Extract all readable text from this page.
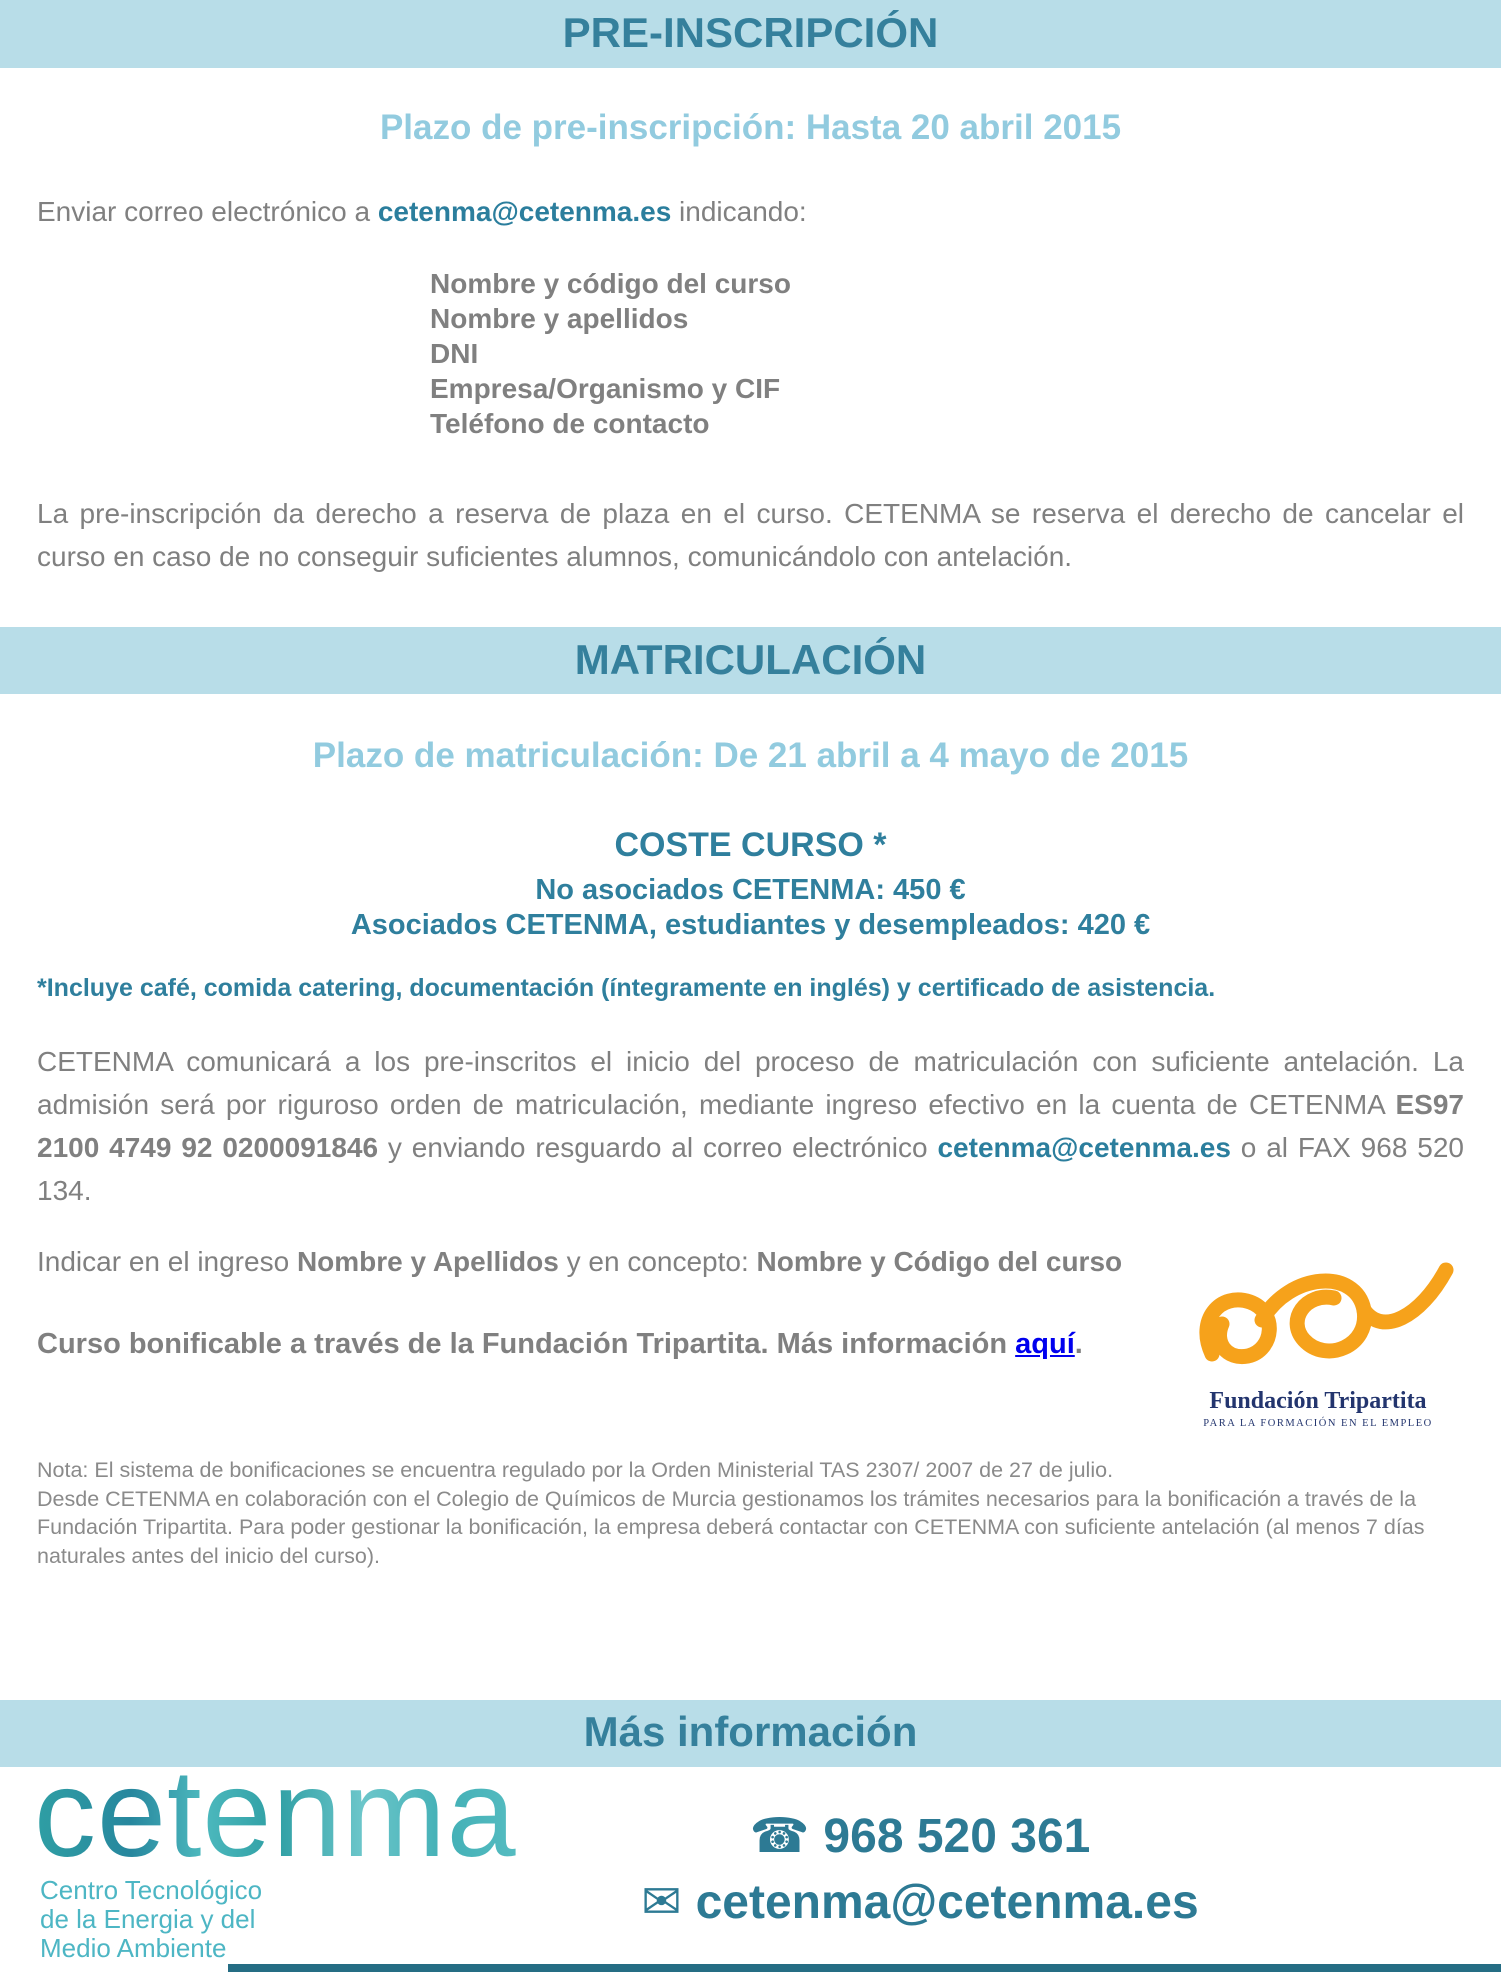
PRE-INSCRIPCIÓN
Plazo de pre-inscripción: Hasta 20 abril 2015

Enviar correo electrónico a cetenma@cetenma.es indicando:

Nombre y código del curso
Nombre y apellidos
DNI
Empresa/Organismo y CIF
Teléfono de contacto

La pre-inscripción da derecho a reserva de plaza en el curso. CETENMA se reserva el derecho de cancelar el curso en caso de no conseguir suficientes alumnos, comunicándolo con antelación.

MATRICULACIÓN
Plazo de matriculación: De 21 abril a 4 mayo de 2015
COSTE CURSO *
No asociados CETENMA: 450 €
Asociados CETENMA, estudiantes y desempleados: 420 €
*Incluye café, comida catering, documentación (íntegramente en inglés) y certificado de asistencia.

CETENMA comunicará a los pre-inscritos el inicio del proceso de matriculación con suficiente antelación. La admisión será por riguroso orden de matriculación, mediante ingreso efectivo en la cuenta de CETENMA ES97 2100 4749 92 0200091846 y enviando resguardo al correo electrónico cetenma@cetenma.es o al FAX 968 520 134.

Indicar en el ingreso Nombre y Apellidos y en concepto: Nombre y Código del curso

Curso bonificable a través de la Fundación Tripartita. Más información aquí.

Fundación Tripartita
PARA LA FORMACIÓN EN EL EMPLEO

Nota: El sistema de bonificaciones se encuentra regulado por la Orden Ministerial TAS 2307/ 2007 de 27 de julio.
Desde CETENMA en colaboración con el Colegio de Químicos de Murcia gestionamos los trámites necesarios para la bonificación a través de la Fundación Tripartita. Para poder gestionar la bonificación, la empresa deberá contactar con CETENMA con suficiente antelación (al menos 7 días naturales antes del inicio del curso).

Más información
cetenma
Centro Tecnológico
de la Energia y del
Medio Ambiente
☎ 968 520 361
✉ cetenma@cetenma.es
